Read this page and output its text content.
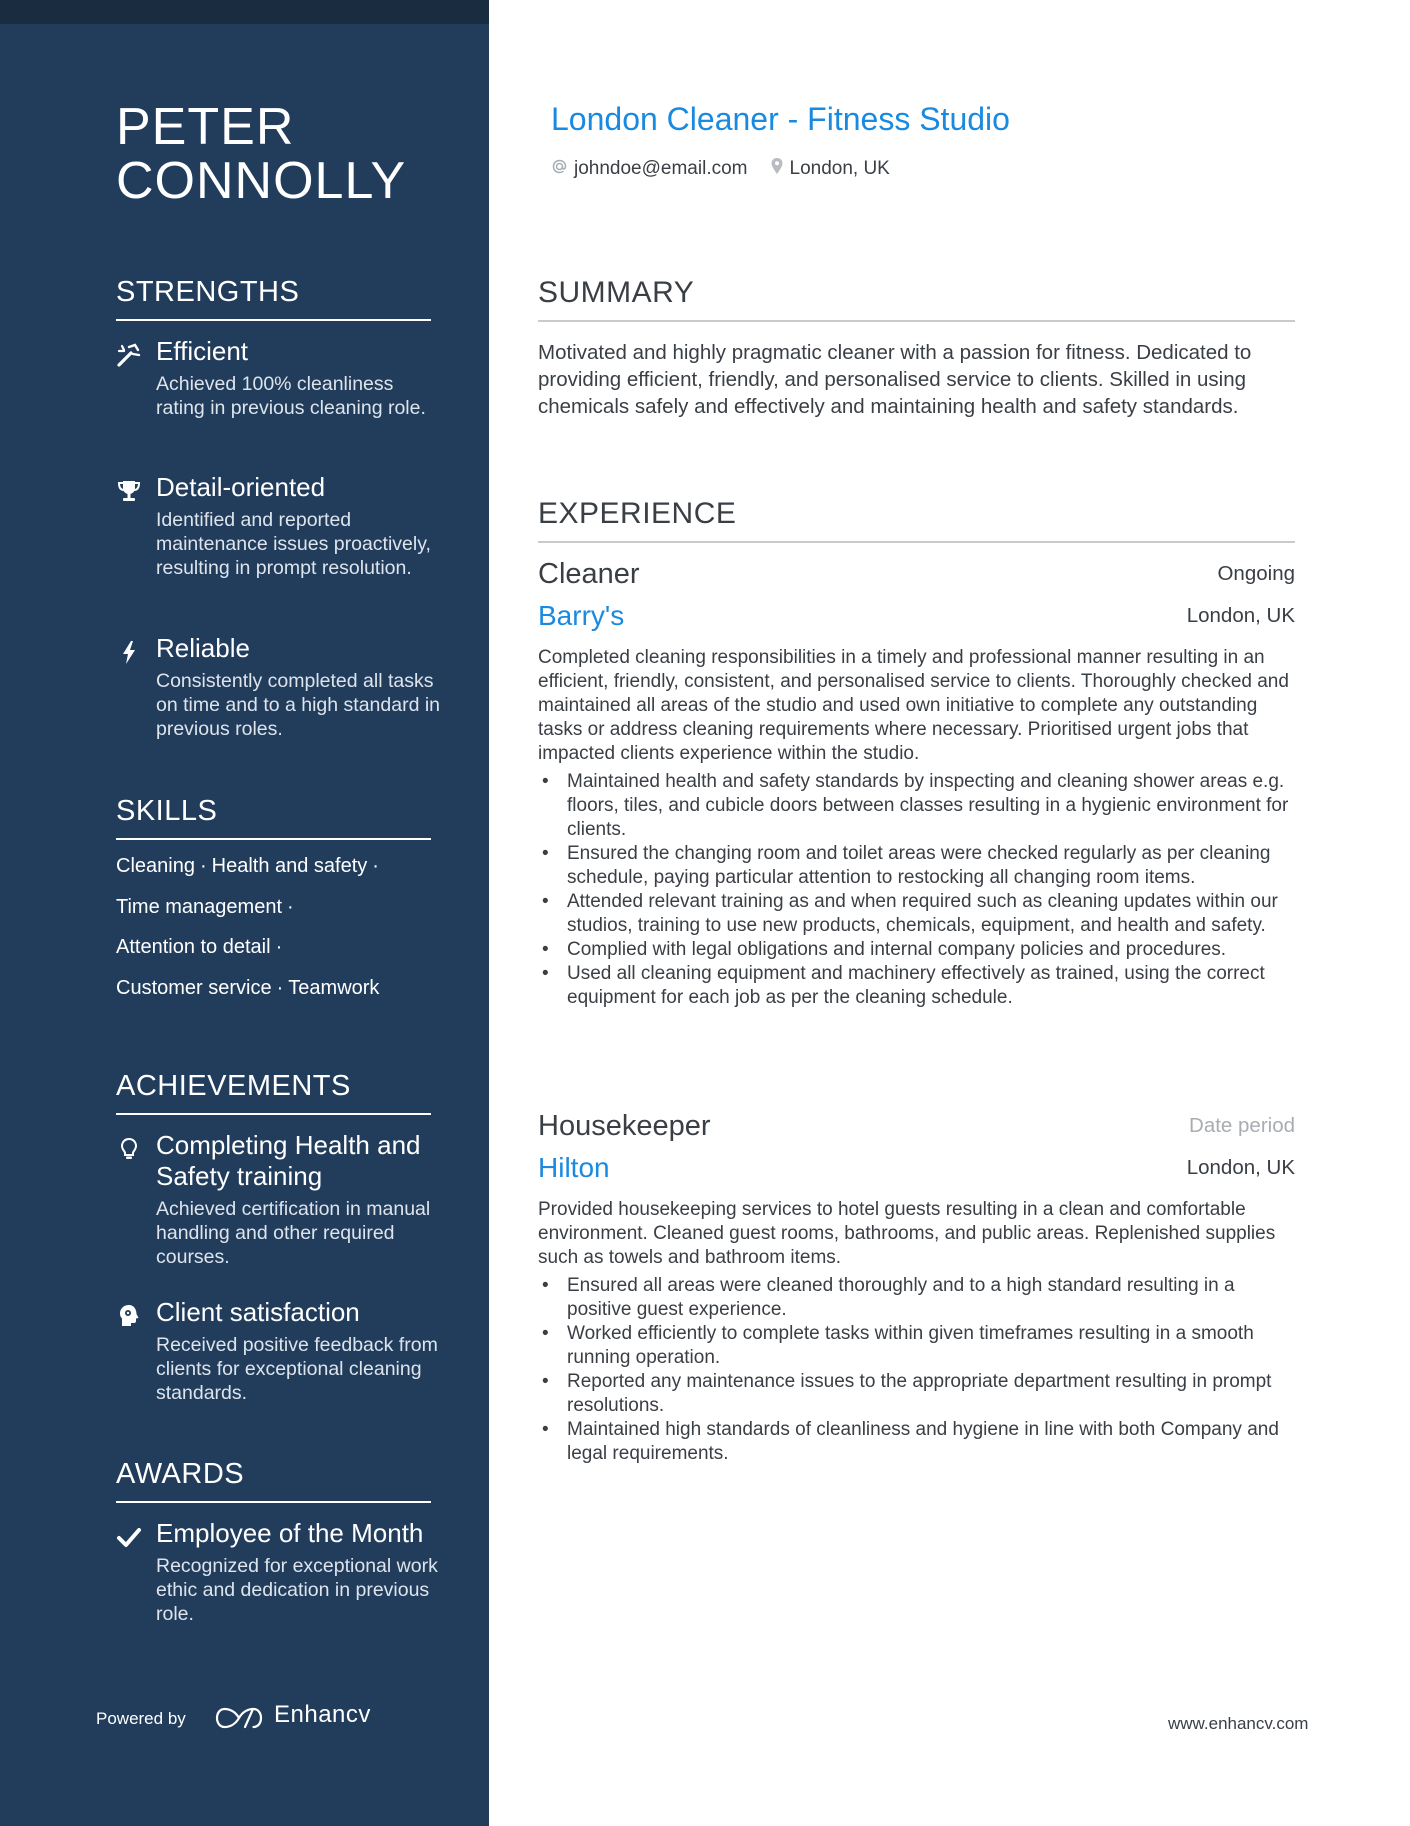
PETER
CONNOLLY
STRENGTHS
Efficient
Achieved 100% cleanliness rating in previous cleaning role.
Detail-oriented
Identified and reported maintenance issues proactively, resulting in prompt resolution.
Reliable
Consistently completed all tasks on time and to a high standard in previous roles.
SKILLS
Cleaning · Health and safety ·
Time management ·
Attention to detail ·
Customer service · Teamwork
ACHIEVEMENTS
Completing Health and Safety training
Achieved certification in manual handling and other required courses.
Client satisfaction
Received positive feedback from clients for exceptional cleaning standards.
AWARDS
Employee of the Month
Recognized for exceptional work ethic and dedication in previous role.
Powered by	Enhancv
London Cleaner - Fitness Studio
johndoe@email.com London, UK
SUMMARY
Motivated and highly pragmatic cleaner with a passion for fitness. Dedicated to providing efficient, friendly, and personalised service to clients. Skilled in using chemicals safely and effectively and maintaining health and safety standards.
EXPERIENCE
Cleaner	Ongoing
Barry's	London, UK
Completed cleaning responsibilities in a timely and professional manner resulting in an efficient, friendly, consistent, and personalised service to clients. Thoroughly checked and maintained all areas of the studio and used own initiative to complete any outstanding tasks or address cleaning requirements where necessary. Prioritised urgent jobs that impacted clients experience within the studio.
• Maintained health and safety standards by inspecting and cleaning shower areas e.g. floors, tiles, and cubicle doors between classes resulting in a hygienic environment for clients.
• Ensured the changing room and toilet areas were checked regularly as per cleaning schedule, paying particular attention to restocking all changing room items.
• Attended relevant training as and when required such as cleaning updates within our studios, training to use new products, chemicals, equipment, and health and safety.
• Complied with legal obligations and internal company policies and procedures.
• Used all cleaning equipment and machinery effectively as trained, using the correct equipment for each job as per the cleaning schedule.
Housekeeper	Date period
Hilton	London, UK
Provided housekeeping services to hotel guests resulting in a clean and comfortable environment. Cleaned guest rooms, bathrooms, and public areas. Replenished supplies such as towels and bathroom items.
• Ensured all areas were cleaned thoroughly and to a high standard resulting in a positive guest experience.
• Worked efficiently to complete tasks within given timeframes resulting in a smooth running operation.
• Reported any maintenance issues to the appropriate department resulting in prompt resolutions.
• Maintained high standards of cleanliness and hygiene in line with both Company and legal requirements.
www.enhancv.com
